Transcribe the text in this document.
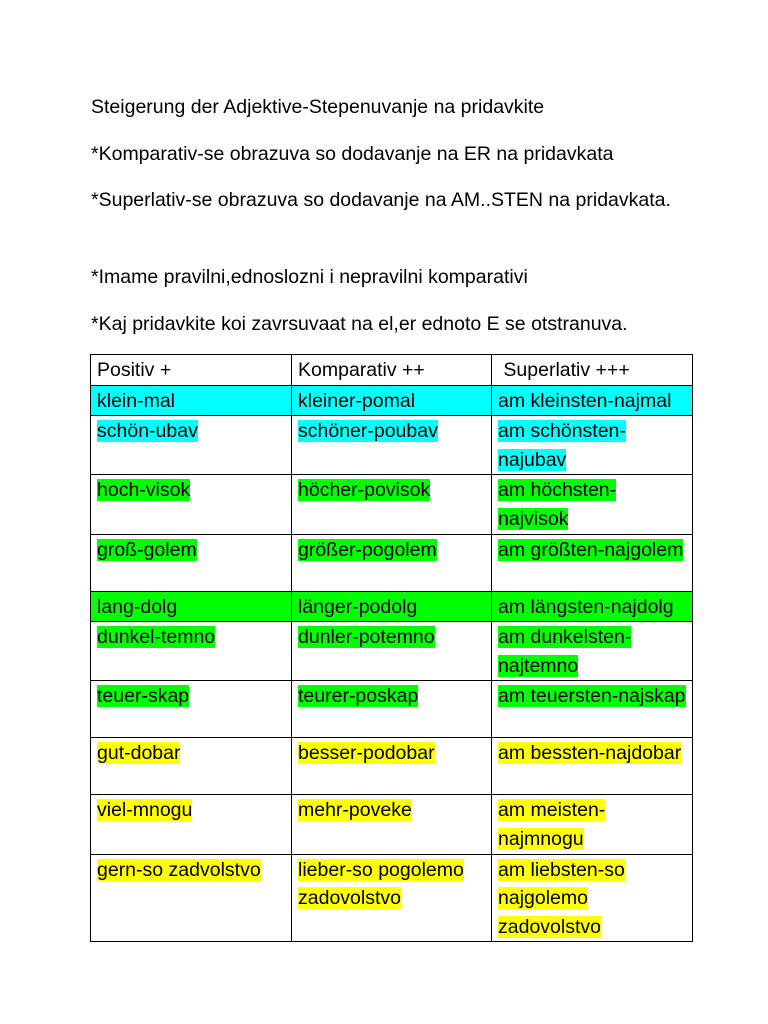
Steigerung der Adjektive-Stepenuvanje na pridavkite

*Komparativ-se obrazuva so dodavanje na ER na pridavkata

*Superlativ-se obrazuva so dodavanje na AM..STEN na pridavkata.

*Imame pravilni,ednoslozni i nepravilni komparativi

*Kaj pridavkite koi zavrsuvaat na el,er ednoto E se otstranuva.

Positiv +	Komparativ ++	Superlativ +++
klein-mal	kleiner-pomal	am kleinsten-najmal
schön-ubav	schöner-poubav	am schönsten-najubav
hoch-visok	höcher-povisok	am höchsten-najvisok
groß-golem	größer-pogolem	am größten-najgolem
lang-dolg	länger-podolg	am längsten-najdolg
dunkel-temno	dunler-potemno	am dunkelsten-najtemno
teuer-skap	teurer-poskap	am teuersten-najskap
gut-dobar	besser-podobar	am bessten-najdobar
viel-mnogu	mehr-poveke	am meisten-najmnogu
gern-so zadvolstvo	lieber-so pogolemo zadovolstvo	am liebsten-so najgolemo zadovolstvo
